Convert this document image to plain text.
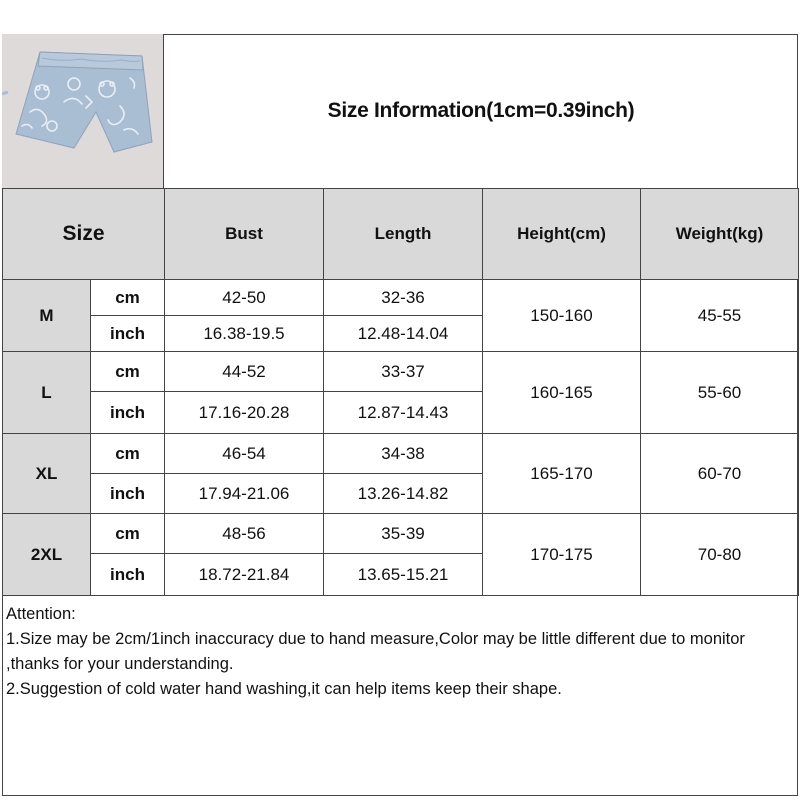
Size Information(1cm=0.39inch)
Size		Bust	Length	Height(cm)	Weight(kg)
M	cm	42-50	32-36	150-160	45-55
	inch	16.38-19.5	12.48-14.04		
L	cm	44-52	33-37	160-165	55-60
	inch	17.16-20.28	12.87-14.43		
XL	cm	46-54	34-38	165-170	60-70
	inch	17.94-21.06	13.26-14.82		
2XL	cm	48-56	35-39	170-175	70-80
	inch	18.72-21.84	13.65-15.21		
Attention:
1.Size may be 2cm/1inch inaccuracy due to hand measure,Color may be little different due to monitor ,thanks for your understanding.
2.Suggestion of cold water hand washing,it can help items keep their shape.
